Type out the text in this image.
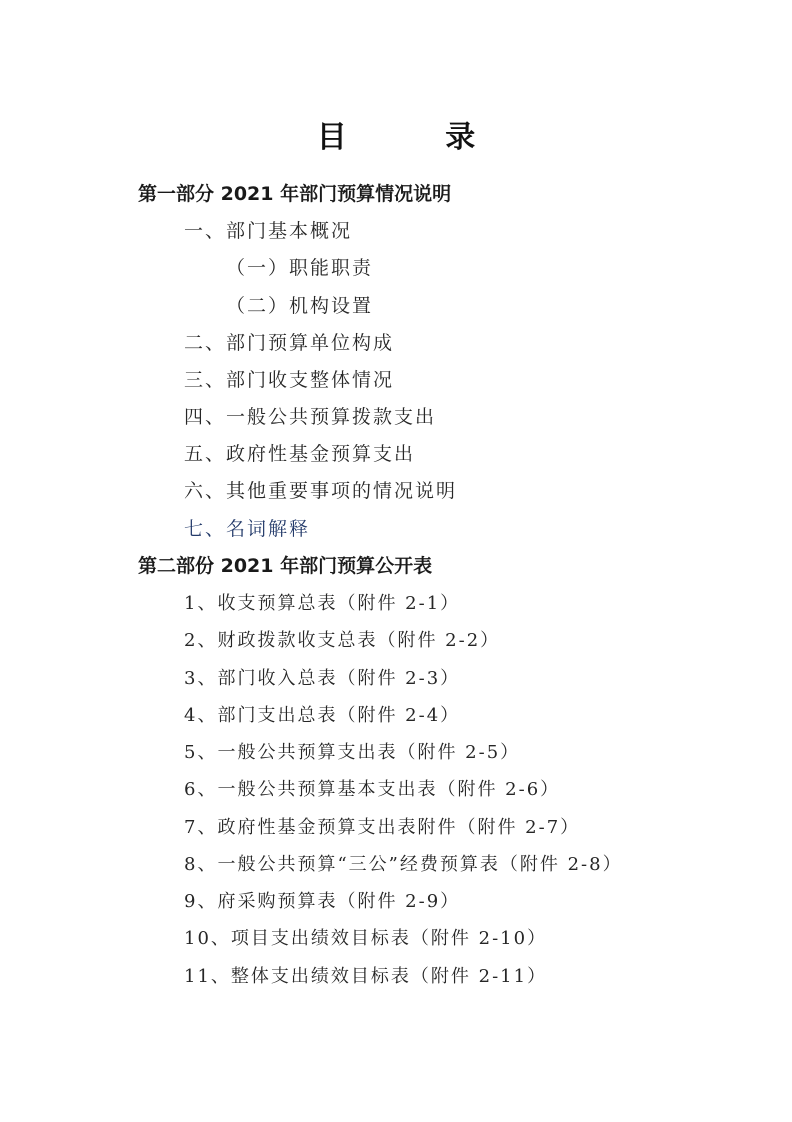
目 录
第一部分 2021 年部门预算情况说明
一、部门基本概况
（一）职能职责
（二）机构设置
二、部门预算单位构成
三、部门收支整体情况
四、一般公共预算拨款支出
五、政府性基金预算支出
六、其他重要事项的情况说明
七、名词解释
第二部份 2021 年部门预算公开表
1、收支预算总表（附件 2-1）
2、财政拨款收支总表（附件 2-2）
3、部门收入总表（附件 2-3）
4、部门支出总表（附件 2-4）
5、一般公共预算支出表（附件 2-5）
6、一般公共预算基本支出表（附件 2-6）
7、政府性基金预算支出表附件（附件 2-7）
8、一般公共预算“三公”经费预算表（附件 2-8）
9、府采购预算表（附件 2-9）
10、项目支出绩效目标表（附件 2-10）
11、整体支出绩效目标表（附件 2-11）
